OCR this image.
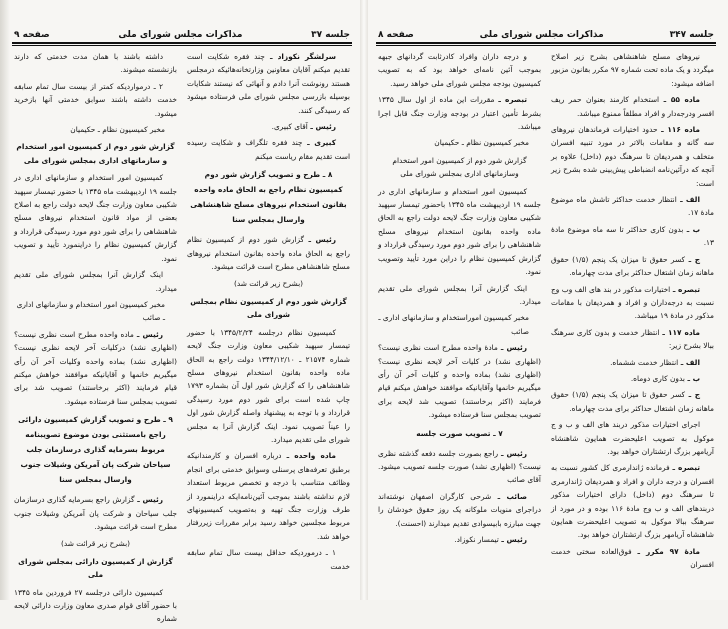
جلسه ۳۷
مذاکرات مجلس شورای ملی
صفحه ۹

سرلشگر نکوزاد ـ چند فقره شکایت است تقدیم میکنم آقایان معاونین وزارتخانه‌هائیکه درمجلس هستند رونوشت آنرا دادم و آنهائی که نیستند شکایات بوسیله بازرسی مجلس شورای ملی فرستاده میشود که رسیدگی کنند.

رئیس ـ آقای کبیری.

کبیری ـ چند فقره تلگراف و شکایت رسیده است تقدیم مقام ریاست میکنم

۸ ـ طرح و تصویب گزارش شور دوم کمیسیون نظام راجع به الحاق ماده واحده بقانون استخدام نیروهای مسلح شاهنشاهی وارسال بمجلس سنا

رئیس ـ گزارش شور دوم از کمیسیون نظام راجع به الحاق ماده واحده بقانون استخدام نیروهای مسلح شاهنشاهی مطرح است قرائت میشود.

(بشرح زیر قرائت شد)

گزارش شور دوم از کمیسیون نظام بمجلس شورای ملی

کمیسیون نظام درجلسه ۱۳۴۵/۲/۲۴ با حضور تیمسار سپهبد شکیبی معاون وزارت جنگ لایحه شماره ۲۱۵۷۴ ـ ۱۳۴۴/۱۲/۱۰ دولت راجع به الحاق ماده واحده بقانون استخدام نیروهای مسلح شاهنشاهی را که گزارش شور اول آن بشماره ۱۷۹۳ چاپ شده است برای شور دوم مورد رسیدگی قرارداد و با توجه به پیشنهاد واصله گزارش شور اول را عیناً تصویب نمود. اینک گزارش آنرا به مجلس شورای ملی تقدیم میدارد.

ماده واحده ـ درباره افسران و کارمندانیکه برطبق تعرفه‌های پرسنلی وسوابق خدمتی برای انجام وظائف متناسب با درجه و تخصص مربوط استعداد لازم نداشته باشند بموجب آئین‌نامه‌ایکه دراینمورد از طرف وزارت جنگ تهیه و به‌تصویب کمیسیونهای مربوط مجلسین خواهد رسید برابر مقررات زیررفتار خواهد شد.

۱ ـ درموردیکه حداقل بیست سال تمام سابقه خدمت

داشته باشند با همان مدت خدمتی که دارند بازنشسته میشوند.

۲ ـ درمواردیکه کمتر از بیست سال تمام سابقه خدمت داشته باشند سوابق خدمتی آنها بازخرید میشود.

مخبر کمیسیون نظام ـ حکیمیان

گزارش شور دوم از کمیسیون امور استخدام و سازمانهای اداری بمجلس شورای ملی

کمیسیون امور استخدام و سازمانهای اداری در جلسه ۱۹ اردیبهشت ماه ۱۳۴۵ با حضور تیمسار سپهبد شکیبی معاون وزارت جنگ لایحه دولت راجع به اصلاح بعضی از مواد قانون استخدام نیروهای مسلح شاهنشاهی را برای شور دوم مورد رسیدگی قرارداد و گزارش کمیسیون نظام را دراینمورد تأیید و تصویب نمود.

اینک گزارش آنرا بمجلس شورای ملی تقدیم میدارد.

مخبر کمیسیون امور استخدام و سازمانهای اداری ـ صائب

رئیس ـ ماده واحده مطرح است نظری نیست؟ (اظهاری نشد) درکلیات آخر لایحه نظری نیست؟ (اظهاری نشد) بماده واحده وکلیات آخر آن رأی میگیریم خانمها و آقایانیکه موافقند خواهش میکنم قیام فرمایند (اکثر برخاستند) تصویب شد برای تصویب بمجلس سنا فرستاده میشود.

۹ ـ طرح و تصویب گزارش کمیسیون دارائی راجع بامستثنی بودن موضوع تصویبنامه مربوط بسرمایه گذاری درسازمان جلب سیاحان شرکت پان آمریکن وشیلات جنوب وارسال بمجلس سنا

رئیس ـ گزارش راجع بسرمایه گذاری درسازمان جلب سیاحان و شرکت پان آمریکن وشیلات جنوب مطرح است قرائت میشود.

(بشرح زیر قرائت شد)

گزارش از کمیسیون دارائی بمجلس شورای ملی

کمیسیون دارائی درجلسه ۲۷ فروردین ماه ۱۳۴۵ با حضور آقای قوام صدری معاون وزارت دارائی لایحه شماره

جلسه ۳۴۷
مذاکرات مجلس شورای ملی
صفحه ۸

نیروهای مسلح شاهنشاهی بشرح زیر اصلاح میگردد و یک ماده تحت شماره ۹۷ مکرر بقانون مزبور اضافه میشود:

ماده ۵۵ ـ استخدام کارمند بعنوان حمر ریف افسر ودرجه‌دار و افراد مطلقاً ممنوع میباشد.

ماده ۱۱۶ ـ حدود اختیارات فرماندهان نیروهای سه گانه و مقامات بالاتر در مورد تنبیه افسران متخلف و همردیفان تا سرهنگ دوم (داخل) علاوه بر آنچه که درآئین‌نامه انضباطی پیش‌بینی شده بشرح زیر است:

الف ـ انتظار خدمت حداکثر تاشش ماه موضوع مادهٔ ۱۷.

ب ـ بدون کاری حداکثر تا سه ماه موضوع مادهٔ ۱۳.

ج ـ کسر حقوق تا میزان یک پنجم (۱/۵) حقوق ماهانه زمان اشتغال حداکثر برای مدت چهارماه.

تبصره ـ اختیارات مذکور در بند های الف وب وج نسبت به درجه‌داران و افراد و همردیفان با مقامات مذکور در مادهٔ ۱۹ میباشد.

ماده ۱۱۷ ـ انتظار خدمت و بدون کاری سرهنگ ببالا بشرح زیر:

الف ـ انتظار خدمت ششماه.

ب ـ بدون کاری دوماه.

ج ـ کسر حقوق تا میزان یک پنجم (۱/۵) حقوق ماهانه زمان اشتغال حداکثر برای مدت چهارماه.

اجرای اختیارات مذکور دربند های الف و ب و ج موکول به تصویب اعلیحضرت همایون شاهنشاه آریامهر بزرگ ارتشتاران خواهد بود.

تبصره ـ فرمانده ژاندارمری کل کشور نسبت به افسران و درجه داران و افراد و همردیفان ژاندارمری تا سرهنگ دوم (داخل) دارای اختیارات مذکور دربندهای الف و ب وج مادهٔ ۱۱۶ بوده و در مورد از سرهنگ ببالا موکول به تصویب اعلیحضرت همایون شاهنشاه آریامهر بزرگ ارتشتاران خواهد بود.

مادهٔ ۹۷ مکرر ـ فوق‌العاده سختی خدمت افسران

و درجه داران وافراد کادرثابت گردانهای جبهه بموجب آئین نامه‌ای خواهد بود که به تصویب کمیسیون بودجه مجلس شورای ملی خواهد رسید.

تبصره ـ مقررات این ماده از اول سال ۱۳۴۵ بشرط تأمین اعتبار در بودجه وزارت جنگ قابل اجرا میباشد.

مخبر کمیسیون نظام ـ حکیمیان

گزارش شور دوم از کمیسیون امور استخدام وسازمانهای اداری بمجلس شورای ملی

کمیسیون امور استخدام و سازمانهای اداری در جلسه ۱۹ اردیبهشت ماه ۱۳۴۵ باحضور تیمسار سپهبد شکیبی معاون وزارت جنگ لایحه دولت راجع به الحاق ماده واحده بقانون استخدام نیروهای مسلح شاهنشاهی را برای شور دوم مورد رسیدگی قرارداد و گزارش کمیسیون نظام را دراین مورد تأیید وتصویب نمود.

اینک گزارش آنرا بمجلس شورای ملی تقدیم میدارد.

مخبر کمیسیون اموراستخدام و سازمانهای اداری ـ صائب

رئیس ـ مادهٔ واحده مطرح است نظری نیست؟ (اظهاری نشد) در کلیات آخر لایحه نظری نیست؟ (اظهاری نشد) بماده واحده و کلیات آخر آن رأی میگیریم خانمها وآقایانیکه موافقند خواهش میکنم قیام فرمایند (اکثر برخاستند) تصویب شد لایحه برای تصویب بمجلس سنا فرستاده میشود.

۷ ـ تصویب صورت جلسه

رئیس ـ راجع بصورت جلسه دفعه گذشته نظری نیست؟ (اظهاری نشد) صورت جلسه تصویب میشود. آقای صائب

صائب ـ شرحی کارگران اصفهان نوشته‌اند دراجرای منویات ملوکانه یک روز حقوق خودشان را جهت مبارزه بابیسوادی تقدیم میدارند (احسنت).

رئیس ـ تیمسار نکوزاد.
